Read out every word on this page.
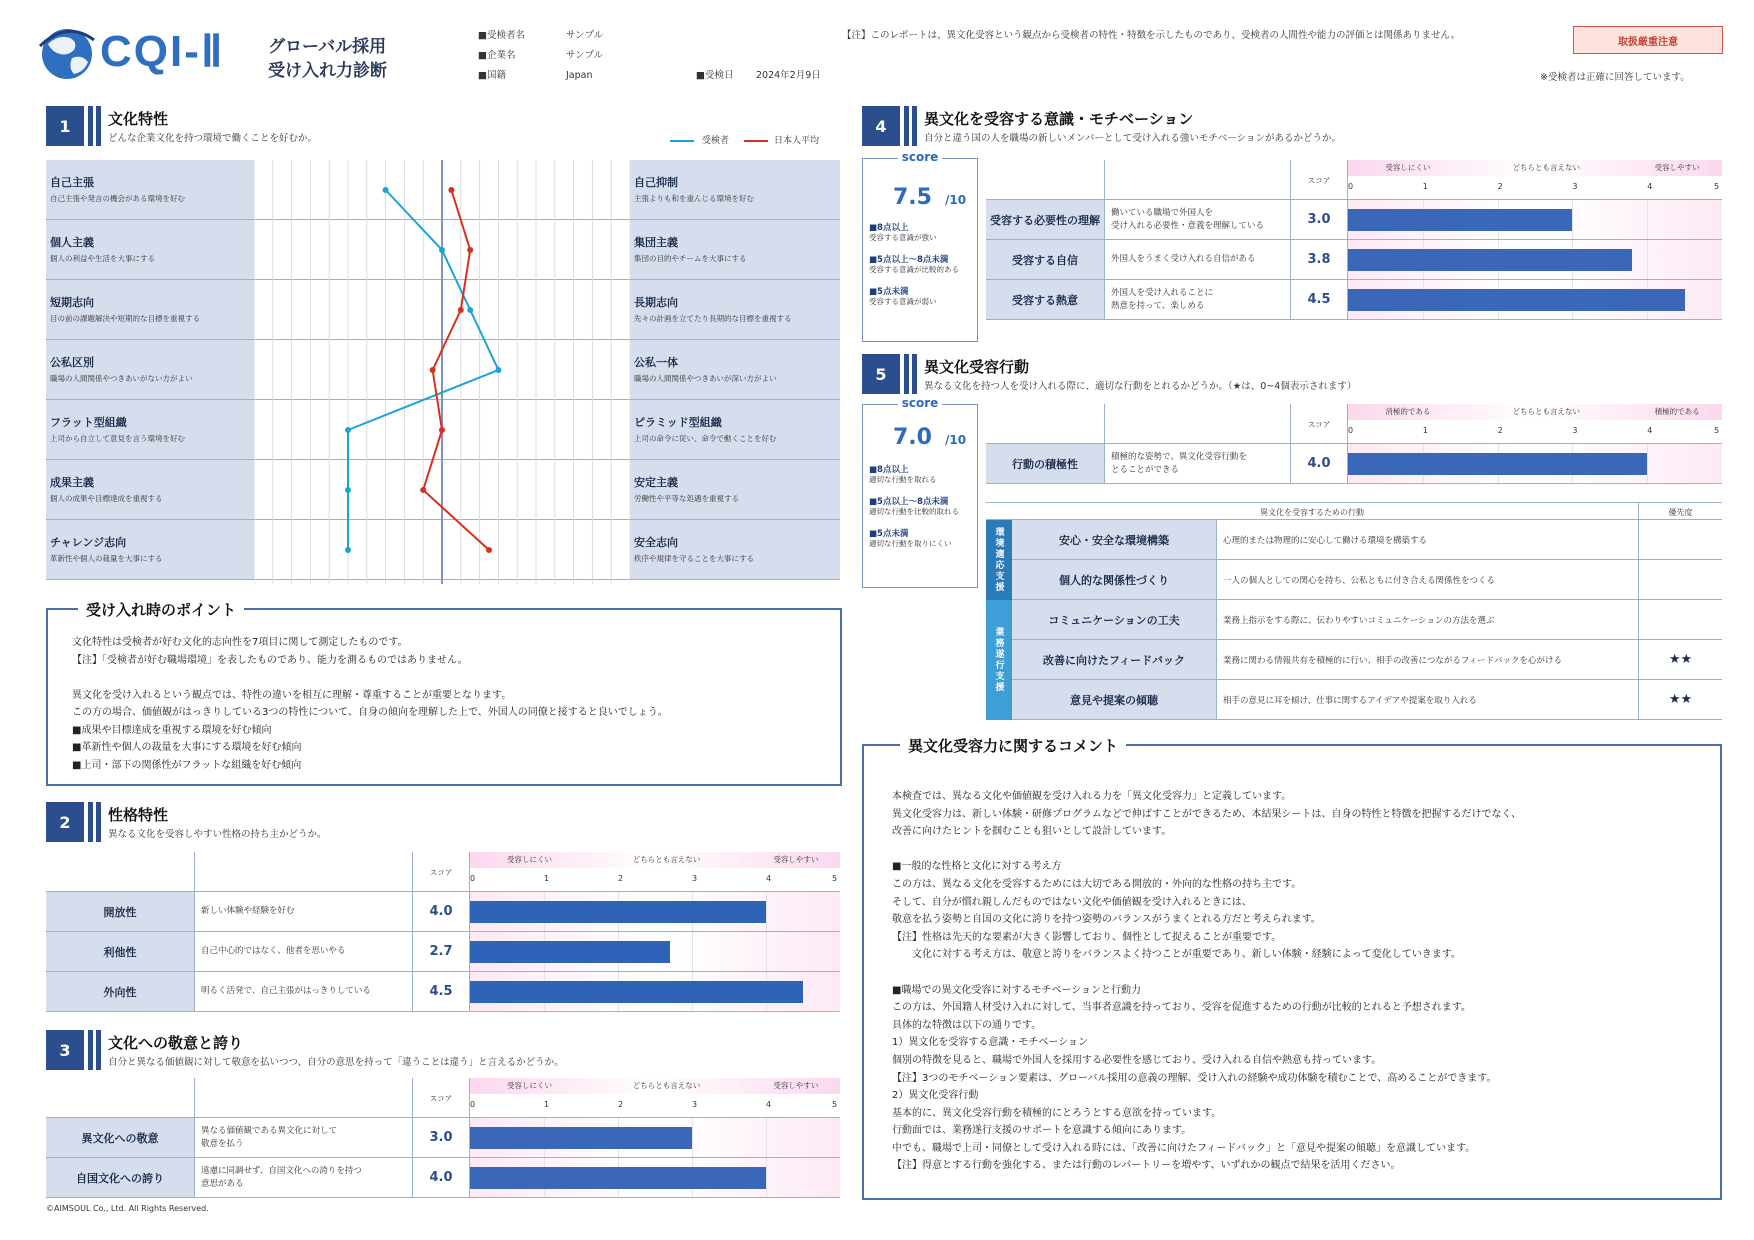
CQI-Ⅱ	グローバル採用
受け入れ力診断
■受検者名	サンプル
■企業名	サンプル
■国籍	Japan	■受検日 2024年2月9日
【注】このレポートは、異文化受容という観点から受検者の特性・特徴を示したものであり、受検者の人間性や能力の評価とは関係ありません。
取扱厳重注意
※受検者は正確に回答しています。
1	文化特性
どんな企業文化を持つ環境で働くことを好むか。	受検者	日本人平均
自己主張
自己主張や発言の機会がある環境を好む
自己抑制
主張よりも和を重んじる環境を好む
個人主義
個人の利益や生活を大事にする
集団主義
集団の目的やチームを大事にする
短期志向
目の前の課題解決や短期的な目標を重視する
長期志向
先々の計画を立てたり長期的な目標を重視する
公私区別
職場の人間関係やつきあいがない方がよい
公私一体
職場の人間関係やつきあいが深い方がよい
フラット型組織
上司から自立して意見を言う環境を好む
ピラミッド型組織
上司の命令に従い、命令で動くことを好む
成果主義
個人の成果や目標達成を重視する
安定主義
労働性や平等な処遇を重視する
チャレンジ志向
革新性や個人の裁量を大事にする
安全志向
秩序や規律を守ることを大事にする
受け入れ時のポイント
文化特性は受検者が好む文化的志向性を7項目に関して測定したものです。
【注】「受検者が好む職場環境」を表したものであり、能力を測るものではありません。
異文化を受け入れるという観点では、特性の違いを相互に理解・尊重することが重要となります。
この方の場合、価値観がはっきりしている3つの特性について、自身の傾向を理解した上で、外国人の同僚と接すると良いでしょう。
■成果や目標達成を重視する環境を好む傾向
■革新性や個人の裁量を大事にする環境を好む傾向
■上司・部下の関係性がフラットな組織を好む傾向
2	性格特性
異なる文化を受容しやすい性格の持ち主かどうか。
スコア
受容しにくい	どちらとも言えない	受容しやすい
0	1	2	3	4	5
開放性	新しい体験や経験を好む	4.0
利他性	自己中心的ではなく、他者を思いやる	2.7
外向性	明るく活発で、自己主張がはっきりしている	4.5
3	文化への敬意と誇り
自分と異なる価値観に対して敬意を払いつつ、自分の意思を持って「違うことは違う」と言えるかどうか。
スコア
受容しにくい	どちらとも言えない	受容しやすい
0	1	2	3	4	5
異文化への敬意
異なる価値観である異文化に対して
敬意を払う	3.0
自国文化への誇り
遠慮に同調せず、自国文化への誇りを持つ
意思がある	4.0
©AIMSOUL Co., Ltd. All Rights Reserved.
4	異文化を受容する意識・モチベーション
自分と違う国の人を職場の新しいメンバーとして受け入れる強いモチベーションがあるかどうか。
score
7.5 /10
■8点以上
受容する意識が強い
■5点以上～8点未満
受容する意識が比較的ある
■5点未満
受容する意識が弱い
スコア
受容しにくい	どちらとも言えない	受容しやすい
0	1	2	3	4	5
受容する必要性の理解
働いている職場で外国人を
受け入れる必要性・意義を理解している	3.0
受容する自信	外国人をうまく受け入れる自信がある	3.8
受容する熱意
外国人を受け入れることに
熱意を持って、楽しめる	4.5
5	異文化受容行動
異なる文化を持つ人を受け入れる際に、適切な行動をとれるかどうか。（★は、0~4個表示されます）
score
7.0 /10
■8点以上
適切な行動を取れる
■5点以上～8点未満
適切な行動を比較的取れる
■5点未満
適切な行動を取りにくい
スコア
消極的である	どちらとも言えない	積極的である
0	1	2	3	4	5
行動の積極性
積極的な姿勢で、異文化受容行動を
とることができる	4.0
異文化を受容するための行動	優先度
環境適応支援
業務遂行支援
安心・安全な環境構築	心理的または物理的に安心して働ける環境を構築する
個人的な関係性づくり	一人の個人としての関心を持ち、公私ともに付き合える関係性をつくる
コミュニケーションの工夫	業務上指示をする際に、伝わりやすいコミュニケーションの方法を選ぶ
改善に向けたフィードバック	業務に関わる情報共有を積極的に行い、相手の改善につながるフィードバックを心がける	★★
意見や提案の傾聴	相手の意見に耳を傾け、仕事に関するアイデアや提案を取り入れる	★★
異文化受容力に関するコメント
本検査では、異なる文化や価値観を受け入れる力を「異文化受容力」と定義しています。
異文化受容力は、新しい体験・研修プログラムなどで伸ばすことができるため、本結果シートは、自身の特性と特徴を把握するだけでなく、
改善に向けたヒントを掴むことも狙いとして設計しています。
■一般的な性格と文化に対する考え方
この方は、異なる文化を受容するためには大切である開放的・外向的な性格の持ち主です。
そして、自分が慣れ親しんだものではない文化や価値観を受け入れるときには、
敬意を払う姿勢と自国の文化に誇りを持つ姿勢のバランスがうまくとれる方だと考えられます。
【注】性格は先天的な要素が大きく影響しており、個性として捉えることが重要です。
　　文化に対する考え方は、敬意と誇りをバランスよく持つことが重要であり、新しい体験・経験によって変化していきます。
■職場での異文化受容に対するモチベーションと行動力
この方は、外国籍人材受け入れに対して、当事者意識を持っており、受容を促進するための行動が比較的とれると予想されます。
具体的な特徴は以下の通りです。
1）異文化を受容する意識・モチベーション
個別の特徴を見ると、職場で外国人を採用する必要性を感じており、受け入れる自信や熱意も持っています。
【注】3つのモチベーション要素は、グローバル採用の意義の理解、受け入れの経験や成功体験を積むことで、高めることができます。
2）異文化受容行動
基本的に、異文化受容行動を積極的にとろうとする意欲を持っています。
行動面では、業務遂行支援のサポートを意識する傾向にあります。
中でも、職場で上司・同僚として受け入れる時には、「改善に向けたフィードバック」と「意見や提案の傾聴」を意識しています。
【注】得意とする行動を強化する、または行動のレパートリーを増やす、いずれかの観点で結果を活用ください。
